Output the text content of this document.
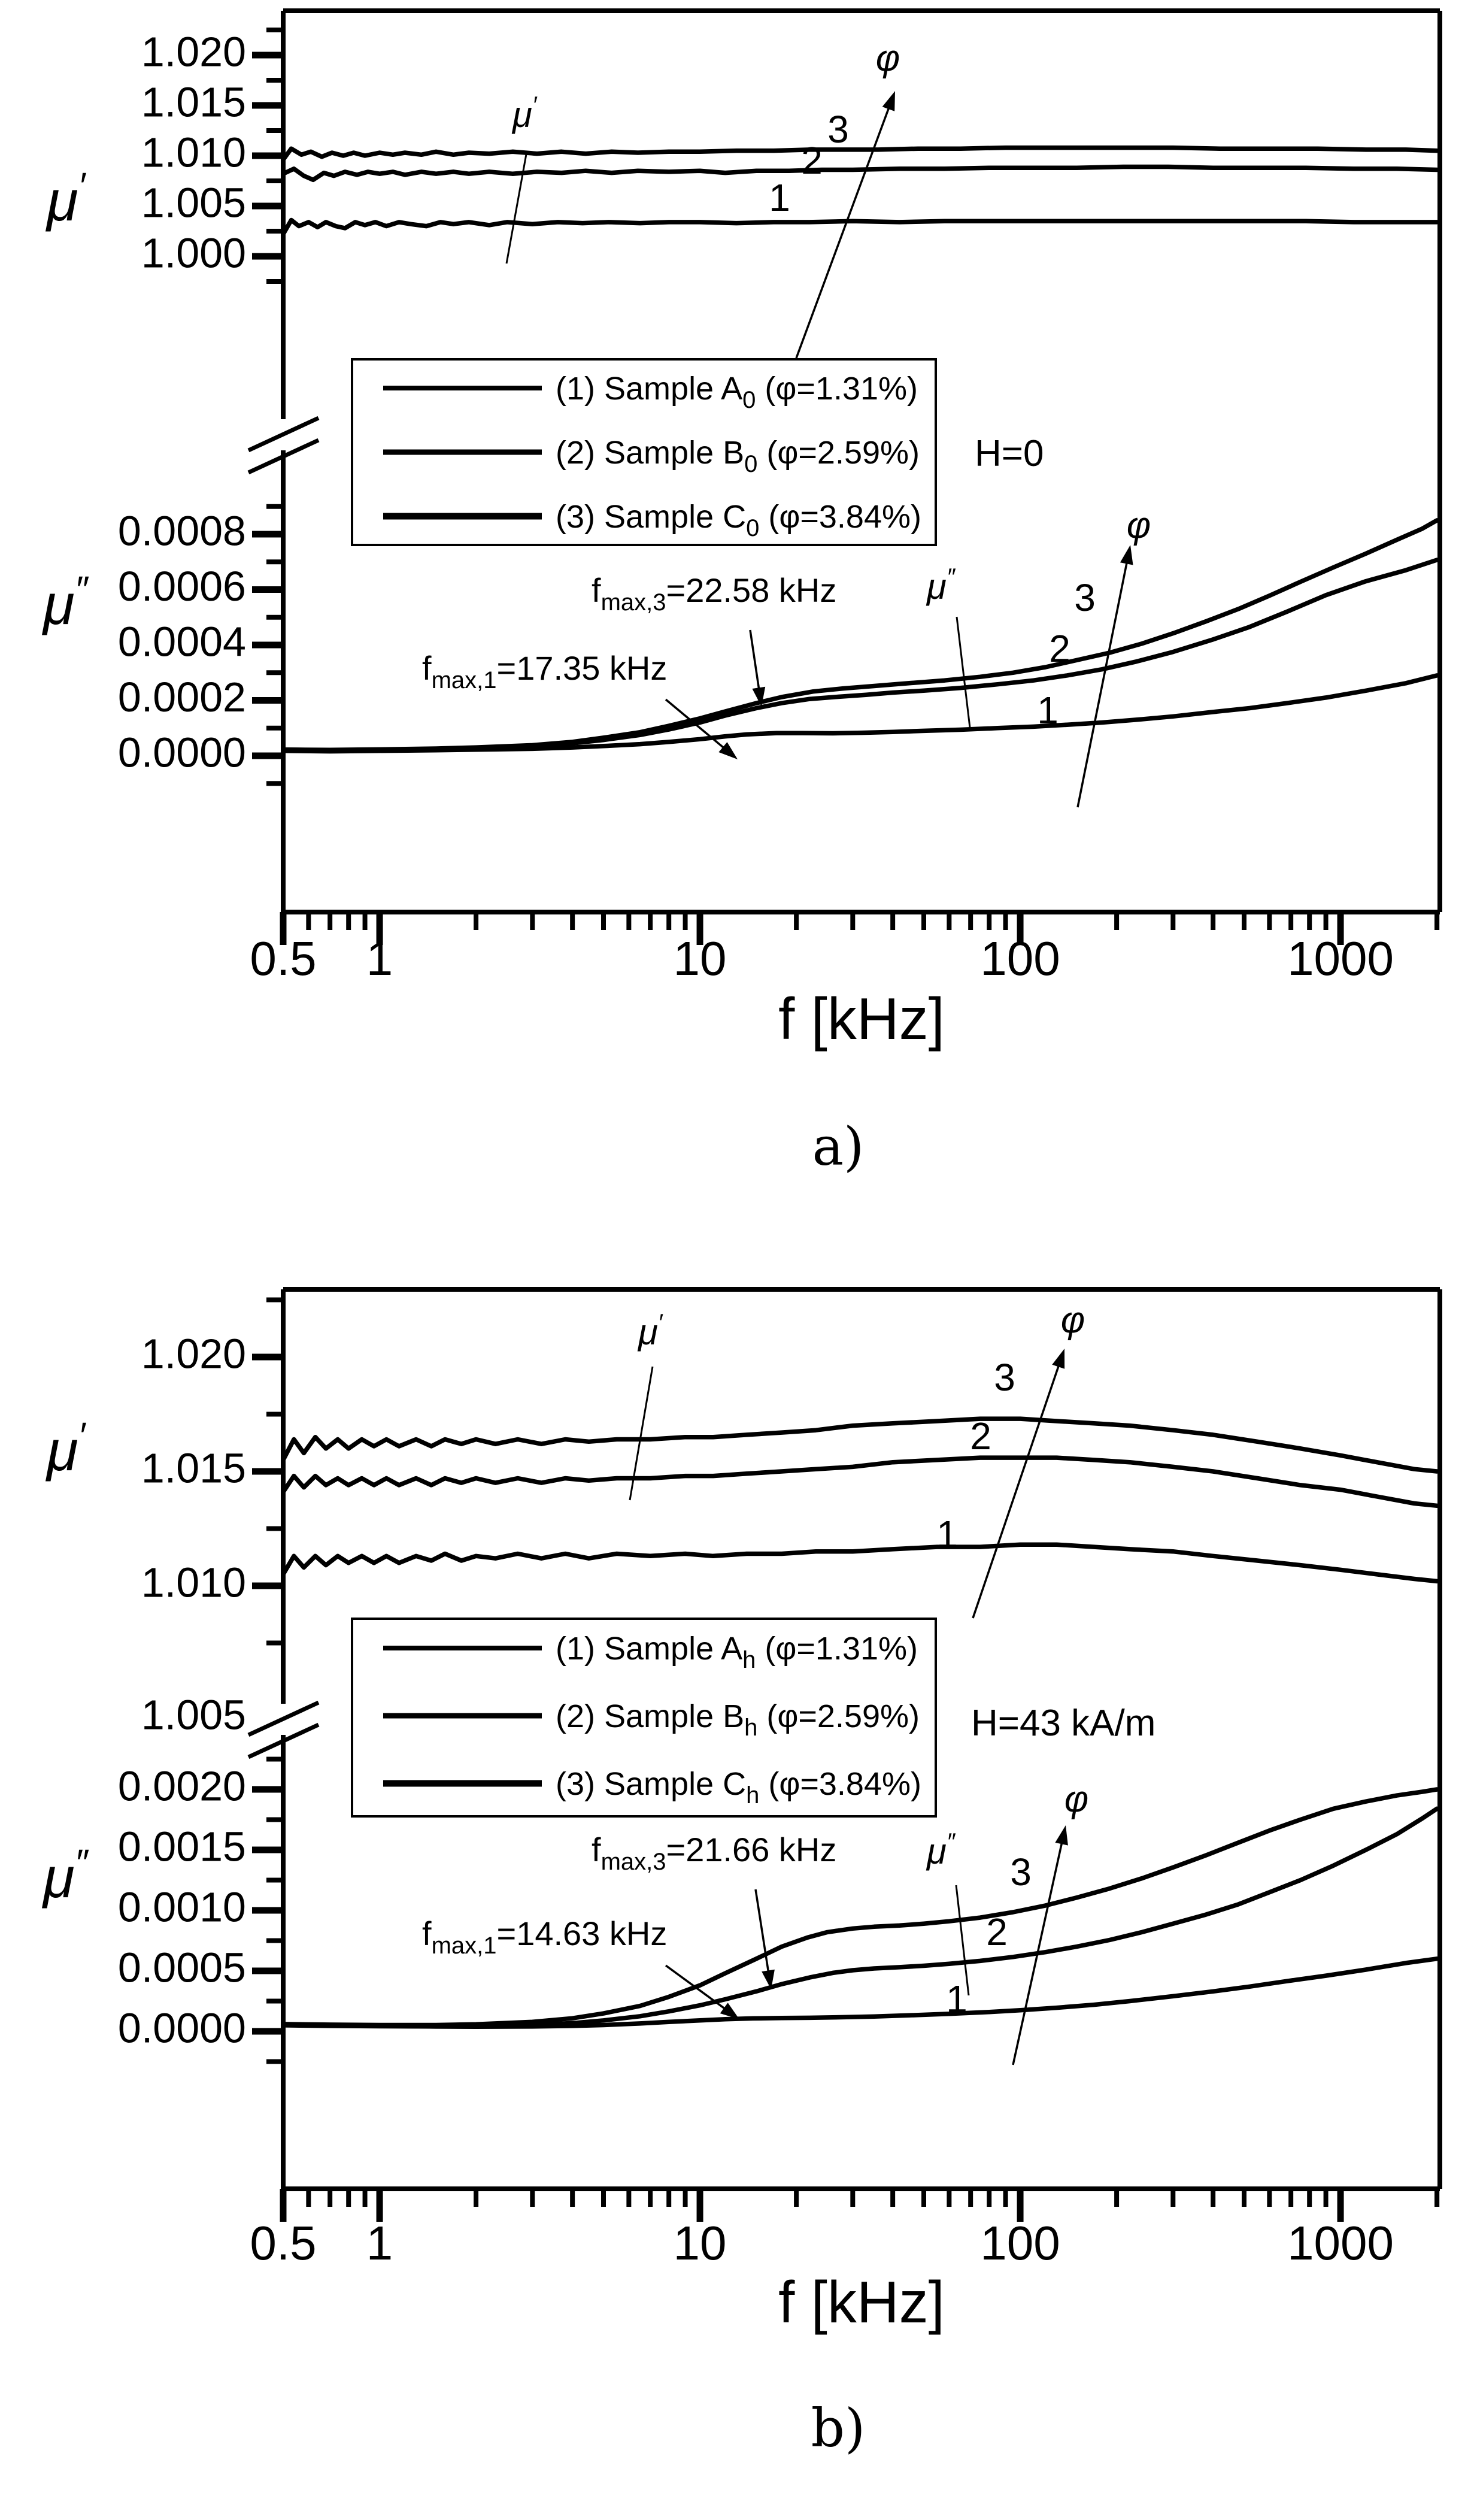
1.020
1.015
1.010
1.005
1.000
0.0008
0.0006
0.0004
0.0002
0.0000
0.5 1	10	100	1000
(1) Sample $A_0$ (φ=1.31%)
(2) Sample $B_0$ (φ=2.59%)
(3) Sample $C_0$ (φ=3.84%)
H=0
$f_{max,3}=22.58$ kHz
$f_{max,1}=17.35$ kHz
μ′
μ″
φ
φ
3
2
1
3
2
1
μ′
μ″
f [kHz]
a)
1.020
1.015
1.010
1.005
0.0020
0.0015
0.0010
0.0005
0.0000
0.5 1	10	100	1000
(1) Sample $A_h$ (φ=1.31%)
(2) Sample $B_h$ (φ=2.59%)
(3) Sample $C_h$ (φ=3.84%)
H=43 kA/m
$f_{max,3}=21.66$ kHz
$f_{max,1}=14.63$ kHz
μ′
μ″
φ
φ
3
2
1
3
2
1
μ′
μ″
f [kHz]
b)
